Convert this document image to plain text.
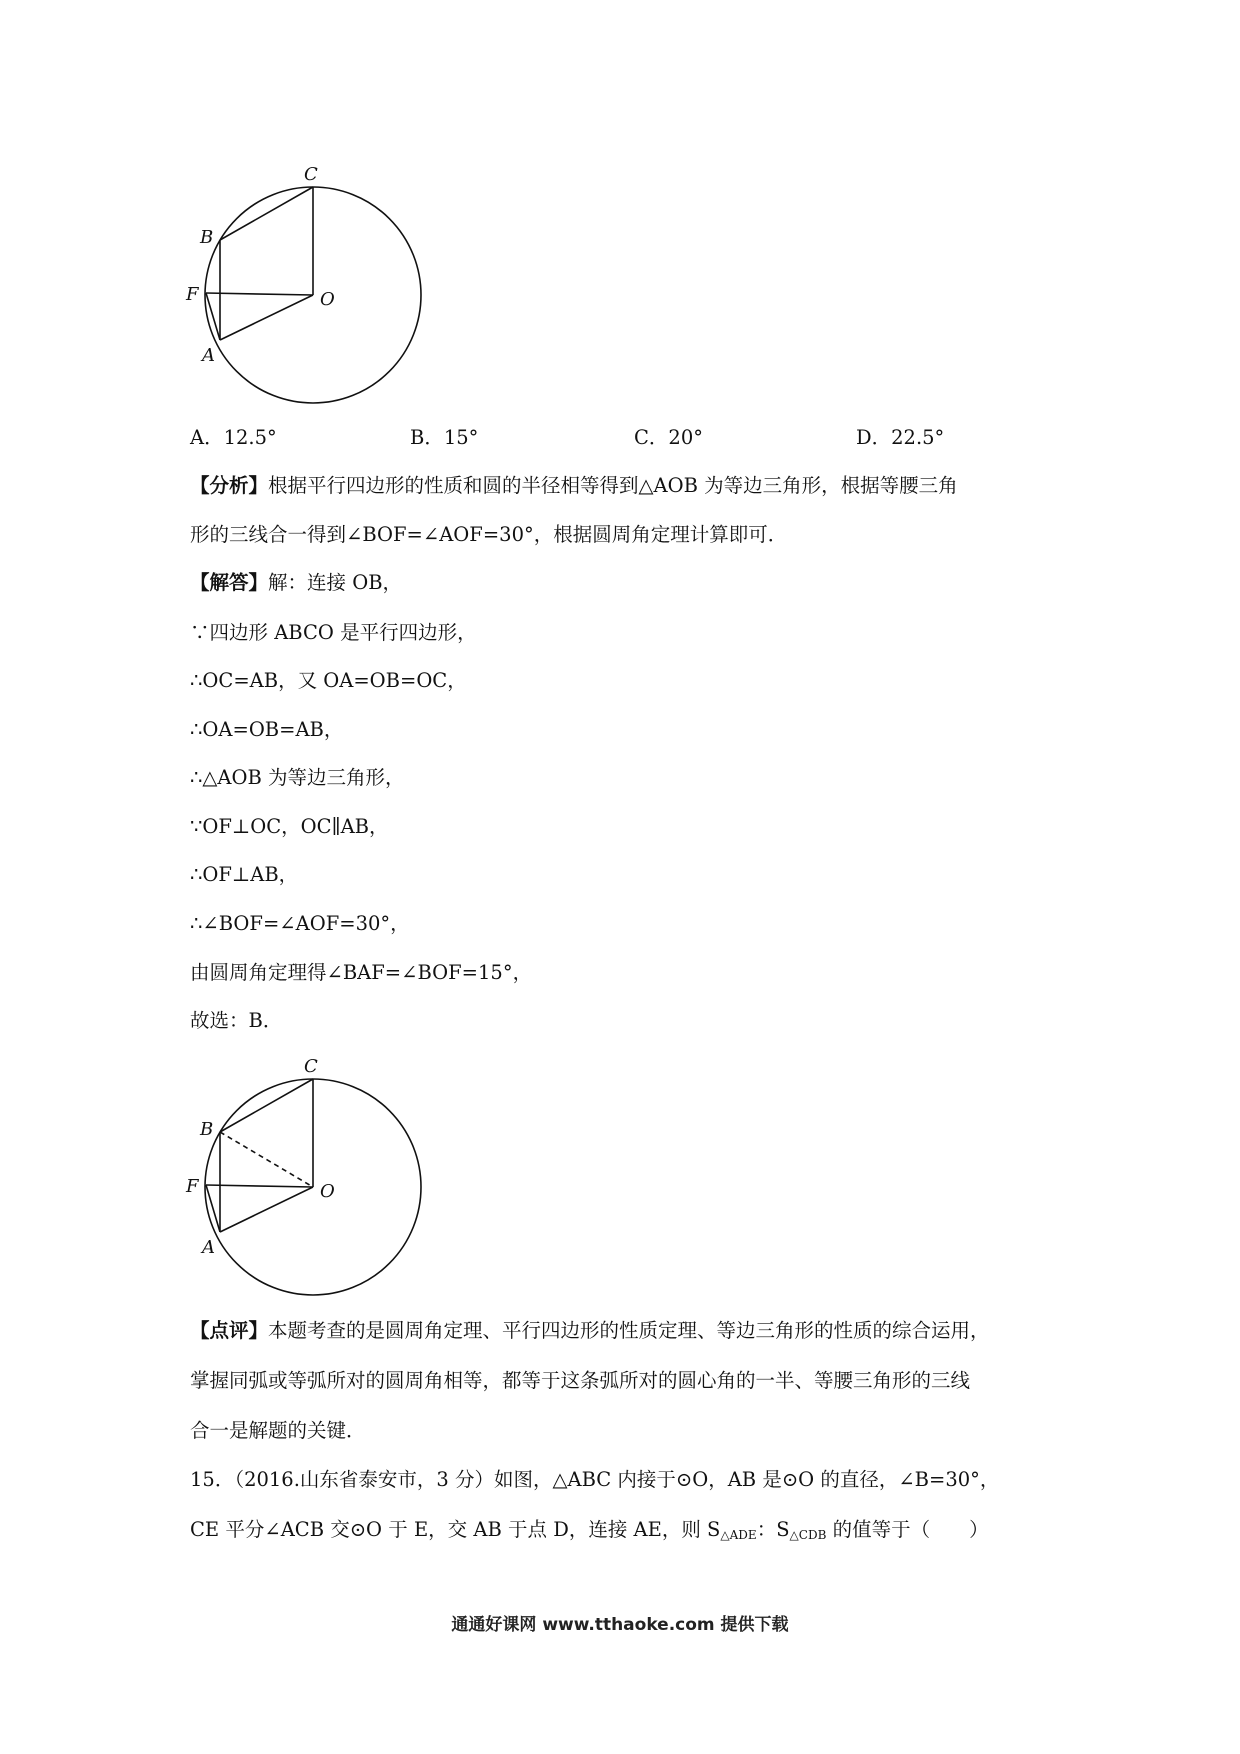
C
B
F	O
A
A．12.5°	B．15°	C．20°	D．22.5°
【分析】根据平行四边形的性质和圆的半径相等得到△AOB 为等边三角形，根据等腰三角
形的三线合一得到∠BOF=∠AOF=30°，根据圆周角定理计算即可．
【解答】解：连接 OB，
∵四边形 ABCO 是平行四边形，
∴OC=AB，又 OA=OB=OC，
∴OA=OB=AB，
∴△AOB 为等边三角形，
∵OF⊥OC，OC∥AB，
∴OF⊥AB，
∴∠BOF=∠AOF=30°，
由圆周角定理得∠BAF=∠BOF=15°，
故选：B．
C
B
F	O
A
【点评】本题考查的是圆周角定理、平行四边形的性质定理、等边三角形的性质的综合运用，
掌握同弧或等弧所对的圆周角相等，都等于这条弧所对的圆心角的一半、等腰三角形的三线
合一是解题的关键．
15．（2016.山东省泰安市，3 分）如图，△ABC 内接于⊙O，AB 是⊙O 的直径，∠B=30°，
CE 平分∠ACB 交⊙O 于 E，交 AB 于点 D，连接 AE，则 $S_{\triangle ADE}$：$S_{\triangle CDB}$ 的值等于（　　）
通通好课网 www.tthaoke.com 提供下载
